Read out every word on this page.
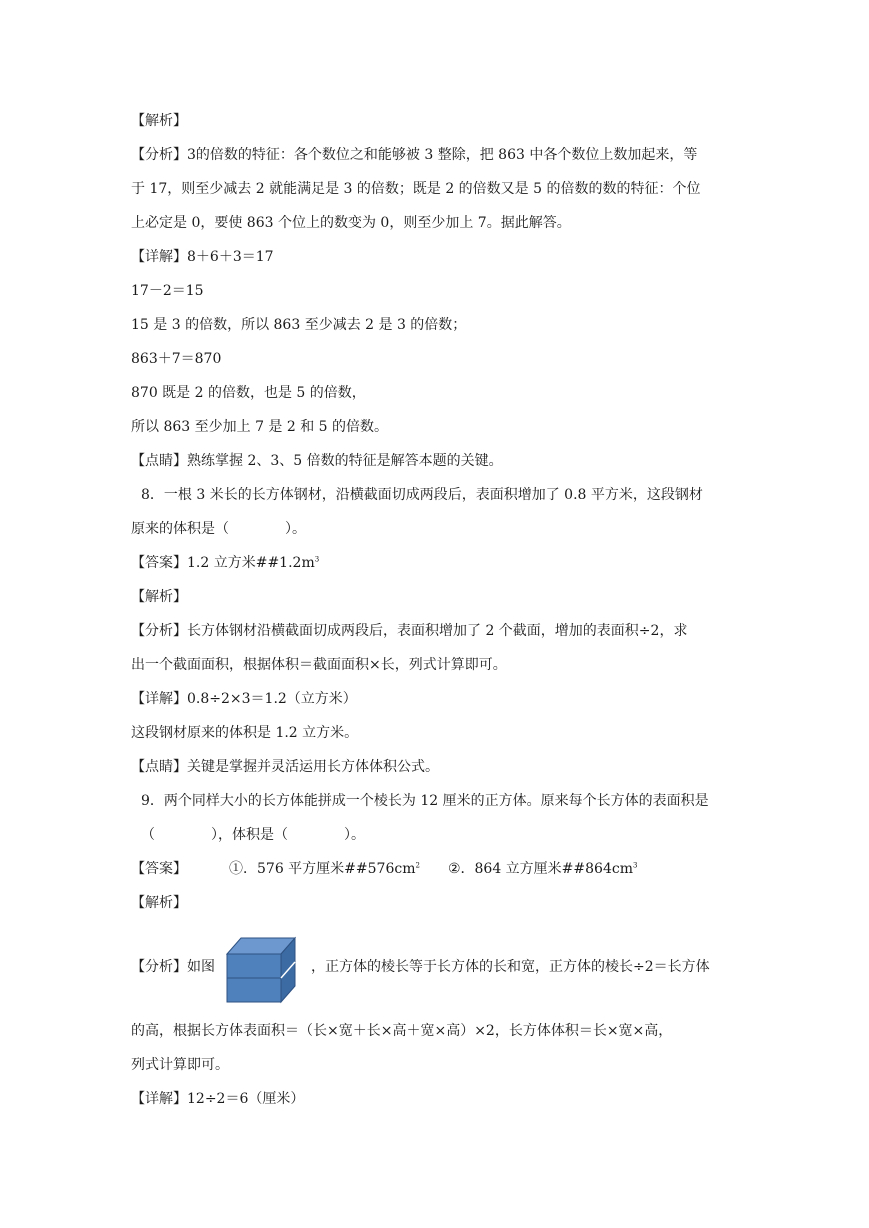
【解析】
【分析】3的倍数的特征：各个数位之和能够被 3 整除，把 863 中各个数位上数加起来，等
于 17，则至少减去 2 就能满足是 3 的倍数；既是 2 的倍数又是 5 的倍数的数的特征：个位
上必定是 0，要使 863 个位上的数变为 0，则至少加上 7。据此解答。
【详解】8＋6＋3＝17
17－2＝15
15 是 3 的倍数，所以 863 至少减去 2 是 3 的倍数；
863＋7＝870
870 既是 2 的倍数，也是 5 的倍数，
所以 863 至少加上 7 是 2 和 5 的倍数。
【点睛】熟练掌握 2、3、5 倍数的特征是解答本题的关键。
8．一根 3 米长的长方体钢材，沿横截面切成两段后，表面积增加了 0.8 平方米，这段钢材
原来的体积是（　　　　）。
【答案】1.2 立方米$\#\#1.2m^3$
【解析】
【分析】长方体钢材沿横截面切成两段后，表面积增加了 2 个截面，增加的表面积÷2，求
出一个截面面积，根据体积＝截面面积×长，列式计算即可。
【详解】0.8÷2×3＝1.2（立方米）
这段钢材原来的体积是 1.2 立方米。
【点睛】关键是掌握并灵活运用长方体体积公式。
9．两个同样大小的长方体能拼成一个棱长为 12 厘米的正方体。原来每个长方体的表面积是
（　　　　），体积是（　　　　）。
【答案】	①．576 平方厘米$\#\#576cm^2$ ②．864 立方厘米$\#\#864cm^3$
【解析】
【分析】如图	，正方体的棱长等于长方体的长和宽，正方体的棱长÷2＝长方体
的高，根据长方体表面积＝（长×宽＋长×高＋宽×高）×2，长方体体积＝长×宽×高，
列式计算即可。
【详解】12÷2＝6（厘米）
